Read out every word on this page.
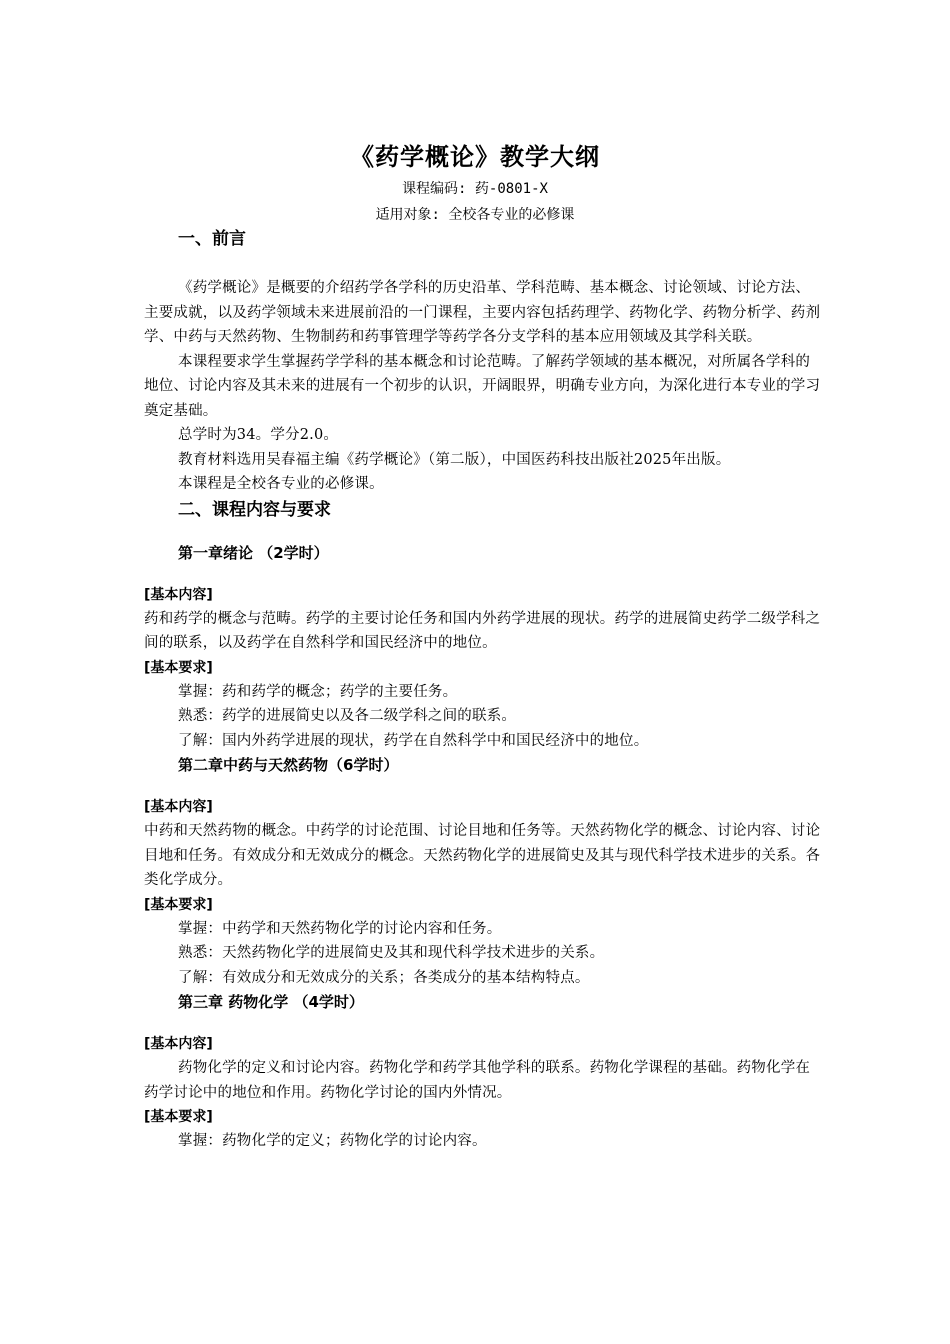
《药学概论》教学大纲
课程编码: 药-0801-X
适用对象: 全校各专业的必修课
一、前言

《药学概论》是概要的介绍药学各学科的历史沿革、学科范畴、基本概念、讨论领域、讨论方法、主要成就，以及药学领域未来进展前沿的一门课程，主要内容包括药理学、药物化学、药物分析学、药剂学、中药与天然药物、生物制药和药事管理学等药学各分支学科的基本应用领域及其学科关联。

本课程要求学生掌握药学学科的基本概念和讨论范畴。了解药学领域的基本概况，对所属各学科的地位、讨论内容及其未来的进展有一个初步的认识，开阔眼界，明确专业方向，为深化进行本专业的学习奠定基础。

总学时为34。学分2.0。

教育材料选用吴春福主编《药学概论》（第二版），中国医药科技出版社2025年出版。

本课程是全校各专业的必修课。

二、课程内容与要求
第一章绪论 （2学时）
[基本内容]

药和药学的概念与范畴。药学的主要讨论任务和国内外药学进展的现状。药学的进展简史药学二级学科之间的联系，以及药学在自然科学和国民经济中的地位。

[基本要求]

掌握：药和药学的概念；药学的主要任务。

熟悉：药学的进展简史以及各二级学科之间的联系。

了解：国内外药学进展的现状，药学在自然科学中和国民经济中的地位。

第二章中药与天然药物（6学时）
[基本内容]

中药和天然药物的概念。中药学的讨论范围、讨论目地和任务等。天然药物化学的概念、讨论内容、讨论目地和任务。有效成分和无效成分的概念。天然药物化学的进展简史及其与现代科学技术进步的关系。各类化学成分。

[基本要求]

掌握：中药学和天然药物化学的讨论内容和任务。

熟悉：天然药物化学的进展简史及其和现代科学技术进步的关系。

了解：有效成分和无效成分的关系；各类成分的基本结构特点。

第三章 药物化学 （4学时）
[基本内容]

药物化学的定义和讨论内容。药物化学和药学其他学科的联系。药物化学课程的基础。药物化学在药学讨论中的地位和作用。药物化学讨论的国内外情况。

[基本要求]

掌握：药物化学的定义；药物化学的讨论内容。
